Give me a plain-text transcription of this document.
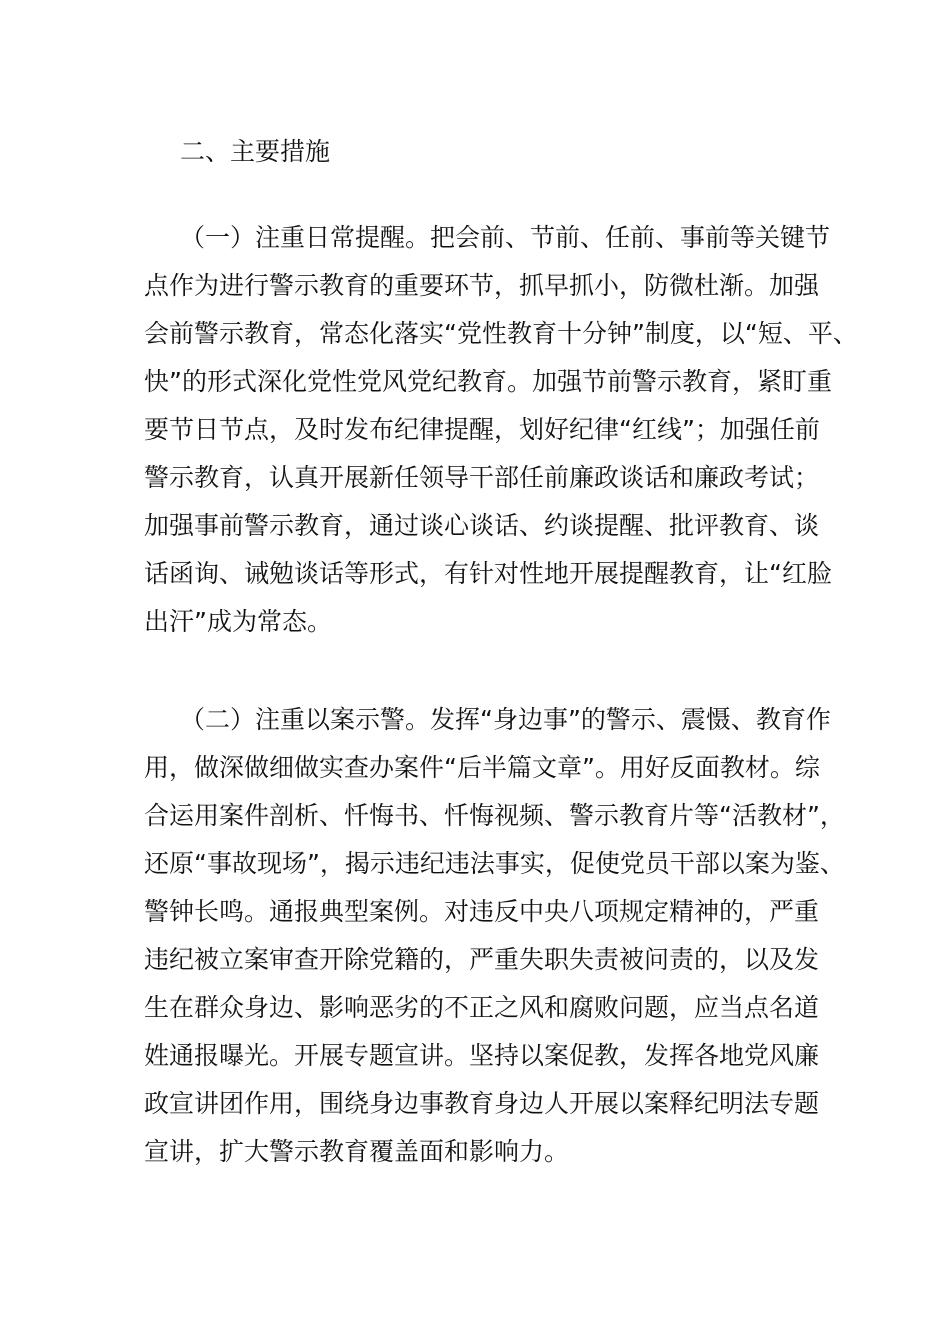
二、主要措施
（一）注重日常提醒。把会前、节前、任前、事前等关键节
点作为进行警示教育的重要环节，抓早抓小，防微杜渐。加强
会前警示教育，常态化落实“党性教育十分钟”制度，以“短、平、
快”的形式深化党性党风党纪教育。加强节前警示教育，紧盯重
要节日节点，及时发布纪律提醒，划好纪律“红线”；加强任前
警示教育，认真开展新任领导干部任前廉政谈话和廉政考试；
加强事前警示教育，通过谈心谈话、约谈提醒、批评教育、谈
话函询、诫勉谈话等形式，有针对性地开展提醒教育，让“红脸
出汗”成为常态。
（二）注重以案示警。发挥“身边事”的警示、震慑、教育作
用，做深做细做实查办案件“后半篇文章”。用好反面教材。综
合运用案件剖析、忏悔书、忏悔视频、警示教育片等“活教材”，
还原“事故现场”，揭示违纪违法事实，促使党员干部以案为鉴、
警钟长鸣。通报典型案例。对违反中央八项规定精神的，严重
违纪被立案审查开除党籍的，严重失职失责被问责的，以及发
生在群众身边、影响恶劣的不正之风和腐败问题，应当点名道
姓通报曝光。开展专题宣讲。坚持以案促教，发挥各地党风廉
政宣讲团作用，围绕身边事教育身边人开展以案释纪明法专题
宣讲，扩大警示教育覆盖面和影响力。
